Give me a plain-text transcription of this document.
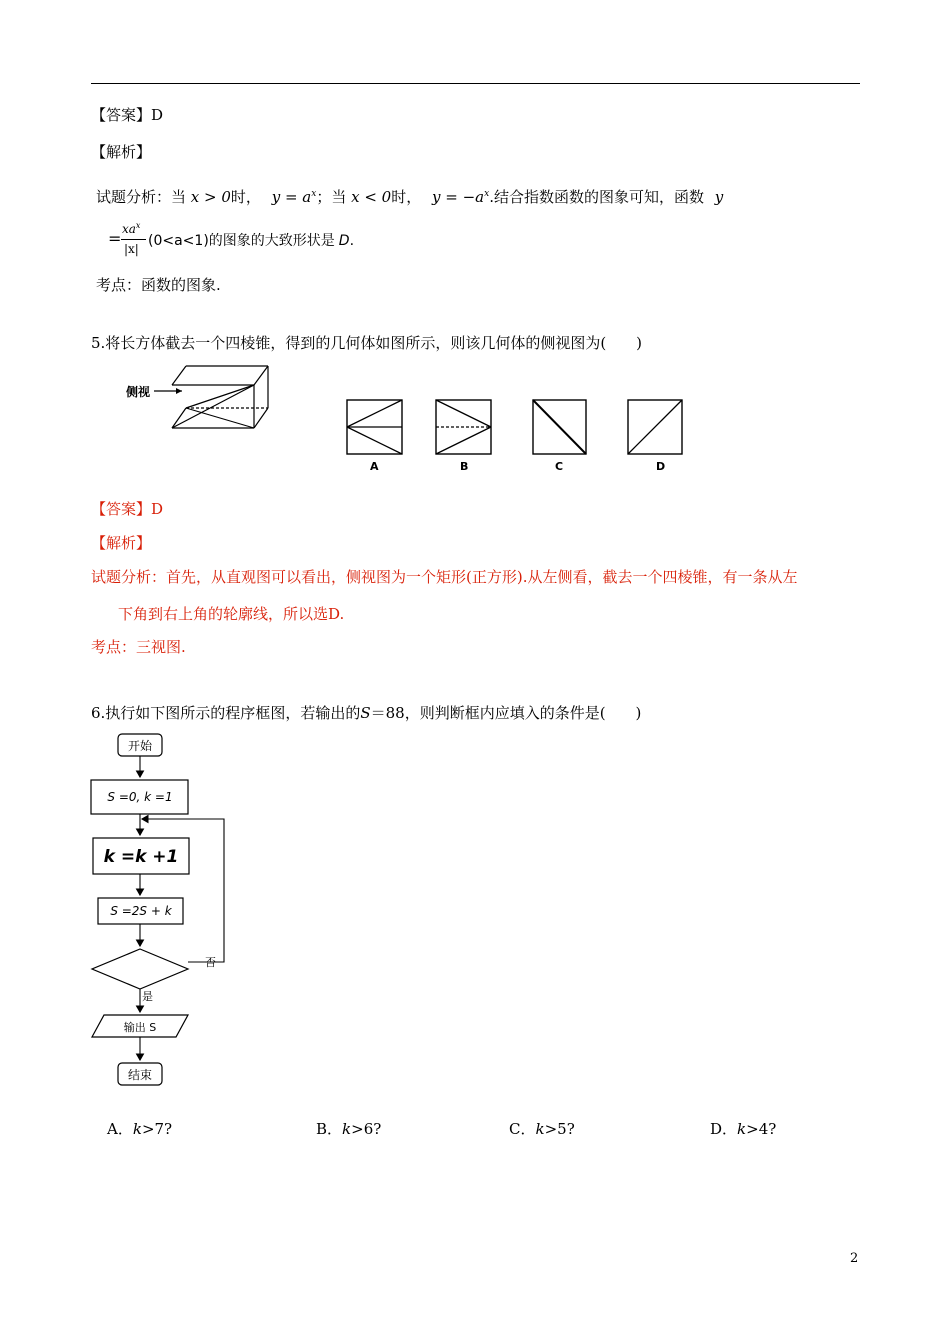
【答案】D
【解析】
试题分析：当 x > 0时， $y = a^x$；当 x < 0时， $y = -a^x$.结合指数函数的图象可知，函数 y
= $xa^x$
|x| (0<a<1)的图象的大致形状是 D.
考点：函数的图象.
5.将长方体截去一个四棱锥，得到的几何体如图所示，则该几何体的侧视图为(　　)
侧视
A	B	C	D
【答案】D
【解析】
试题分析：首先，从直观图可以看出，侧视图为一个矩形(正方形).从左侧看，截去一个四棱锥，有一条从左
下角到右上角的轮廓线，所以选D.
考点：三视图.
6.执行如下图所示的程序框图，若输出的S＝88，则判断框内应填入的条件是(　　)
开始
S =0, k =1
k =k +1
S =2S + k
否
是
输出 S
结束
A．k>7?	B．k>6?	C．k>5?	D．k>4?
2
